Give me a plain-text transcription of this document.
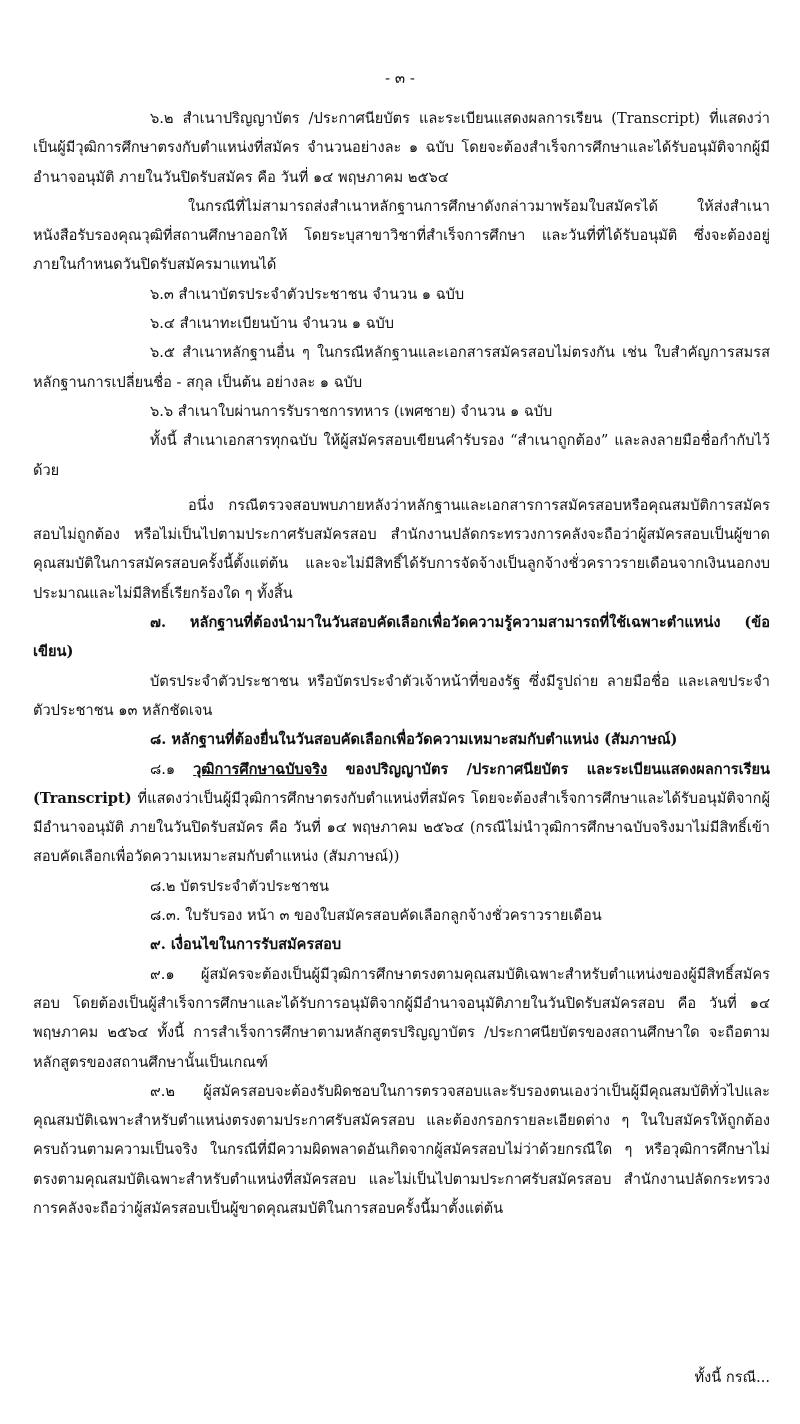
- ๓ -

๖.๒ สำเนาปริญญาบัตร /ประกาศนียบัตร และระเบียนแสดงผลการเรียน (Transcript) ที่แสดงว่าเป็นผู้มีวุฒิการศึกษาตรงกับตำแหน่งที่สมัคร จำนวนอย่างละ ๑ ฉบับ โดยจะต้องสำเร็จการศึกษาและได้รับอนุมัติจากผู้มีอำนาจอนุมัติ ภายในวันปิดรับสมัคร คือ วันที่ ๑๔ พฤษภาคม ๒๕๖๔

ในกรณีที่ไม่สามารถส่งสำเนาหลักฐานการศึกษาดังกล่าวมาพร้อมใบสมัครได้ ให้ส่งสำเนาหนังสือรับรองคุณวุฒิที่สถานศึกษาออกให้ โดยระบุสาขาวิชาที่สำเร็จการศึกษา และวันที่ที่ได้รับอนุมัติ ซึ่งจะต้องอยู่ภายในกำหนดวันปิดรับสมัครมาแทนได้

๖.๓ สำเนาบัตรประจำตัวประชาชน จำนวน ๑ ฉบับ

๖.๔ สำเนาทะเบียนบ้าน จำนวน ๑ ฉบับ

๖.๕ สำเนาหลักฐานอื่น ๆ ในกรณีหลักฐานและเอกสารสมัครสอบไม่ตรงกัน เช่น ใบสำคัญการสมรส หลักฐานการเปลี่ยนชื่อ - สกุล เป็นต้น อย่างละ ๑ ฉบับ

๖.๖ สำเนาใบผ่านการรับราชการทหาร (เพศชาย) จำนวน ๑ ฉบับ

ทั้งนี้ สำเนาเอกสารทุกฉบับ ให้ผู้สมัครสอบเขียนคำรับรอง “สำเนาถูกต้อง” และลงลายมือชื่อกำกับไว้ด้วย

อนึ่ง กรณีตรวจสอบพบภายหลังว่าหลักฐานและเอกสารการสมัครสอบหรือคุณสมบัติการสมัครสอบไม่ถูกต้อง หรือไม่เป็นไปตามประกาศรับสมัครสอบ สำนักงานปลัดกระทรวงการคลังจะถือว่าผู้สมัครสอบเป็นผู้ขาดคุณสมบัติในการสมัครสอบครั้งนี้ตั้งแต่ต้น และจะไม่มีสิทธิ์ได้รับการจัดจ้างเป็นลูกจ้างชั่วคราวรายเดือนจากเงินนอกงบประมาณและไม่มีสิทธิ์เรียกร้องใด ๆ ทั้งสิ้น

๗. หลักฐานที่ต้องนำมาในวันสอบคัดเลือกเพื่อวัดความรู้ความสามารถที่ใช้เฉพาะตำแหน่ง (ข้อเขียน)

บัตรประจำตัวประชาชน หรือบัตรประจำตัวเจ้าหน้าที่ของรัฐ ซึ่งมีรูปถ่าย ลายมือชื่อ และเลขประจำตัวประชาชน ๑๓ หลักชัดเจน

๘. หลักฐานที่ต้องยื่นในวันสอบคัดเลือกเพื่อวัดความเหมาะสมกับตำแหน่ง (สัมภาษณ์)

๘.๑ วุฒิการศึกษาฉบับจริง ของปริญญาบัตร /ประกาศนียบัตร และระเบียนแสดงผลการเรียน (Transcript) ที่แสดงว่าเป็นผู้มีวุฒิการศึกษาตรงกับตำแหน่งที่สมัคร โดยจะต้องสำเร็จการศึกษาและได้รับอนุมัติจากผู้มีอำนาจอนุมัติ ภายในวันปิดรับสมัคร คือ วันที่ ๑๔ พฤษภาคม ๒๕๖๔ (กรณีไม่นำวุฒิการศึกษาฉบับจริงมาไม่มีสิทธิ์เข้าสอบคัดเลือกเพื่อวัดความเหมาะสมกับตำแหน่ง (สัมภาษณ์))

๘.๒ บัตรประจำตัวประชาชน

๘.๓. ใบรับรอง หน้า ๓ ของใบสมัครสอบคัดเลือกลูกจ้างชั่วคราวรายเดือน

๙. เงื่อนไขในการรับสมัครสอบ

๙.๑ ผู้สมัครจะต้องเป็นผู้มีวุฒิการศึกษาตรงตามคุณสมบัติเฉพาะสำหรับตำแหน่งของผู้มีสิทธิ์สมัครสอบ โดยต้องเป็นผู้สำเร็จการศึกษาและได้รับการอนุมัติจากผู้มีอำนาจอนุมัติภายในวันปิดรับสมัครสอบ คือ วันที่ ๑๔ พฤษภาคม ๒๕๖๔ ทั้งนี้ การสำเร็จการศึกษาตามหลักสูตรปริญญาบัตร /ประกาศนียบัตรของสถานศึกษาใด จะถือตามหลักสูตรของสถานศึกษานั้นเป็นเกณฑ์

๙.๒ ผู้สมัครสอบจะต้องรับผิดชอบในการตรวจสอบและรับรองตนเองว่าเป็นผู้มีคุณสมบัติทั่วไปและคุณสมบัติเฉพาะสำหรับตำแหน่งตรงตามประกาศรับสมัครสอบ และต้องกรอกรายละเอียดต่าง ๆ ในใบสมัครให้ถูกต้องครบถ้วนตามความเป็นจริง ในกรณีที่มีความผิดพลาดอันเกิดจากผู้สมัครสอบไม่ว่าด้วยกรณีใด ๆ หรือวุฒิการศึกษาไม่ตรงตามคุณสมบัติเฉพาะสำหรับตำแหน่งที่สมัครสอบ และไม่เป็นไปตามประกาศรับสมัครสอบ สำนักงานปลัดกระทรวงการคลังจะถือว่าผู้สมัครสอบเป็นผู้ขาดคุณสมบัติในการสอบครั้งนี้มาตั้งแต่ต้น

ทั้งนี้ กรณี...
